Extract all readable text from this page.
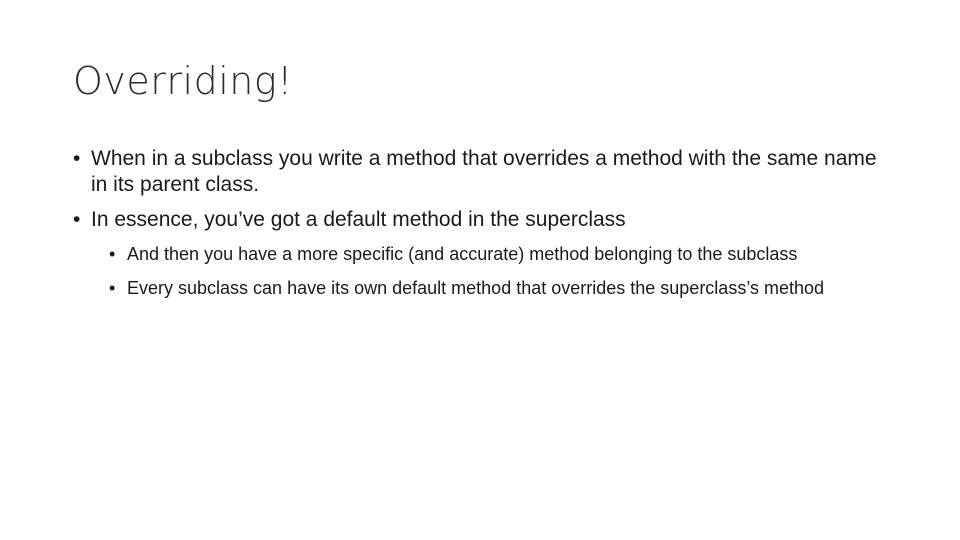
Overriding!
• When in a subclass you write a method that overrides a method with the same name in its parent class.
• In essence, you’ve got a default method in the superclass
• And then you have a more specific (and accurate) method belonging to the subclass
• Every subclass can have its own default method that overrides the superclass’s method
